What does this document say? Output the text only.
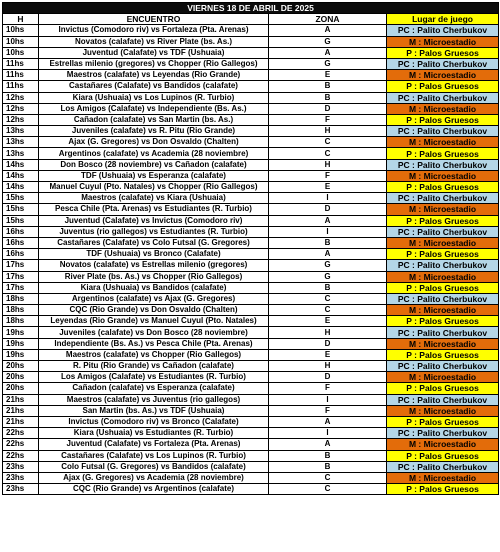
VIERNES 18 DE ABRIL DE 2025			
H	ENCUENTRO	ZONA	Lugar de juego
10hs	Invictus (Comodoro riv) vs Fortaleza (Pta. Arenas)	A	PC : Palito Cherbukov
10hs	Novatos (calafate) vs River Plate (bs. As.)	G	M : Microestadio
10hs	Juventud (Calafate) vs TDF (Ushuaia)	A	P : Palos Gruesos
11hs	Estrellas milenio (gregores) vs Chopper (Rio Gallegos)	G	PC : Palito Cherbukov
11hs	Maestros (calafate) vs Leyendas (Rio Grande)	E	M : Microestadio
11hs	Castañares (Calafate) vs Bandidos (calafate)	B	P : Palos Gruesos
12hs	Kiara (Ushuaia) vs Los Lupinos (R. Turbio)	B	PC : Palito Cherbukov
12hs	Los Amigos (Calafate) vs Independiente (Bs. As.)	D	M : Microestadio
12hs	Cañadon (calafate) vs San Martin (bs. As.)	F	P : Palos Gruesos
13hs	Juveniles (calafate) vs R. Pitu (Rio Grande)	H	PC : Palito Cherbukov
13hs	Ajax (G. Gregores) vs Don Osvaldo (Chalten)	C	M : Microestadio
13hs	Argentinos (calafate) vs Academia (28 noviembre)	C	P : Palos Gruesos
14hs	Don Bosco (28 noviembre) vs Cañadon (calafate)	H	PC : Palito Cherbukov
14hs	TDF (Ushuaia) vs Esperanza (calafate)	F	M : Microestadio
14hs	Manuel Cuyul (Pto. Natales) vs Chopper (Rio Gallegos)	E	P : Palos Gruesos
15hs	Maestros (calafate) vs Kiara (Ushuaia)	I	PC : Palito Cherbukov
15hs	Pesca Chile (Pta. Arenas) vs Estudiantes (R. Turbio)	D	M : Microestadio
15hs	Juventud (Calafate) vs Invictus (Comodoro riv)	A	P : Palos Gruesos
16hs	Juventus (rio gallegos) vs Estudiantes (R. Turbio)	I	PC : Palito Cherbukov
16hs	Castañares (Calafate) vs Colo Futsal (G. Gregores)	B	M : Microestadio
16hs	TDF (Ushuaia) vs Bronco (Calafate)	A	P : Palos Gruesos
17hs	Novatos (calafate) vs Estrellas milenio (gregores)	G	PC : Palito Cherbukov
17hs	River Plate (bs. As.) vs Chopper (Rio Gallegos)	G	M : Microestadio
17hs	Kiara (Ushuaia) vs Bandidos (calafate)	B	P : Palos Gruesos
18hs	Argentinos (calafate) vs Ajax (G. Gregores)	C	PC : Palito Cherbukov
18hs	CQC (Rio Grande) vs Don Osvaldo (Chalten)	C	M : Microestadio
18hs	Leyendas (Rio Grande) vs Manuel Cuyul (Pto. Natales)	E	P : Palos Gruesos
19hs	Juveniles (calafate) vs Don Bosco (28 noviembre)	H	PC : Palito Cherbukov
19hs	Independiente (Bs. As.) vs Pesca Chile (Pta. Arenas)	D	M : Microestadio
19hs	Maestros (calafate) vs Chopper (Rio Gallegos)	E	P : Palos Gruesos
20hs	R. Pitu (Rio Grande) vs Cañadon (calafate)	H	PC : Palito Cherbukov
20hs	Los Amigos (Calafate) vs Estudiantes (R. Turbio)	D	M : Microestadio
20hs	Cañadon (calafate) vs Esperanza (calafate)	F	P : Palos Gruesos
21hs	Maestros (calafate) vs Juventus (rio gallegos)	I	PC : Palito Cherbukov
21hs	San Martin (bs. As.) vs TDF (Ushuaia)	F	M : Microestadio
21hs	Invictus (Comodoro riv) vs Bronco (Calafate)	A	P : Palos Gruesos
22hs	Kiara (Ushuaia) vs Estudiantes (R. Turbio)	I	PC : Palito Cherbukov
22hs	Juventud (Calafate) vs Fortaleza (Pta. Arenas)	A	M : Microestadio
22hs	Castañares (Calafate) vs Los Lupinos (R. Turbio)	B	P : Palos Gruesos
23hs	Colo Futsal (G. Gregores) vs Bandidos (calafate)	B	PC : Palito Cherbukov
23hs	Ajax (G. Gregores) vs Academia (28 noviembre)	C	M : Microestadio
23hs	CQC (Rio Grande) vs Argentinos (calafate)	C	P : Palos Gruesos
